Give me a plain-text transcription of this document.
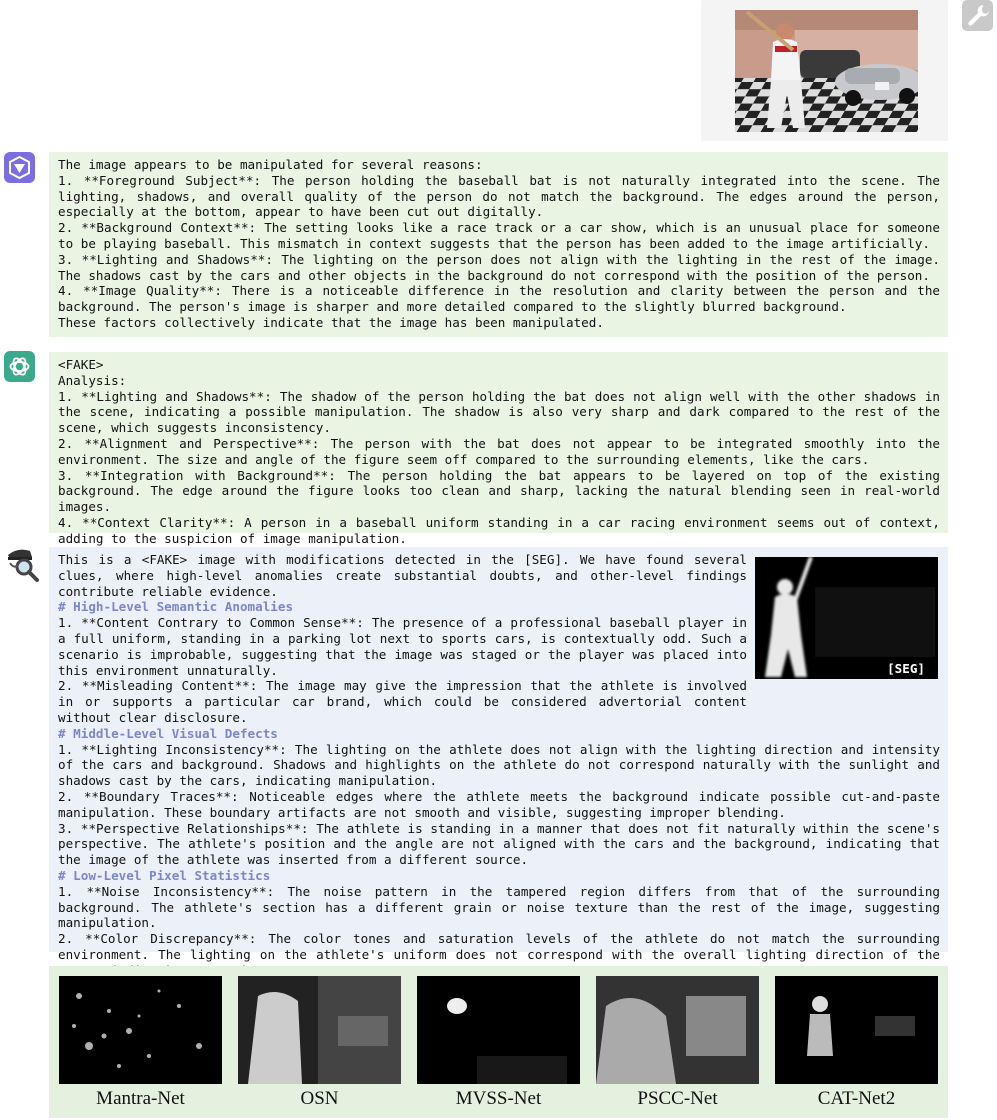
The image appears to be manipulated for several reasons:
1. **Foreground Subject**: The person holding the baseball bat is not naturally integrated into the scene. The lighting, shadows, and overall quality of the person do not match the background. The edges around the person, especially at the bottom, appear to have been cut out digitally.
2. **Background Context**: The setting looks like a race track or a car show, which is an unusual place for someone to be playing baseball. This mismatch in context suggests that the person has been added to the image artificially.
3. **Lighting and Shadows**: The lighting on the person does not align with the lighting in the rest of the image. The shadows cast by the cars and other objects in the background do not correspond with the position of the person.
4. **Image Quality**: There is a noticeable difference in the resolution and clarity between the person and the background. The person's image is sharper and more detailed compared to the slightly blurred background.
These factors collectively indicate that the image has been manipulated.
<FAKE>
Analysis:
1. **Lighting and Shadows**: The shadow of the person holding the bat does not align well with the other shadows in the scene, indicating a possible manipulation. The shadow is also very sharp and dark compared to the rest of the scene, which suggests inconsistency.
2. **Alignment and Perspective**: The person with the bat does not appear to be integrated smoothly into the environment. The size and angle of the figure seem off compared to the surrounding elements, like the cars.
3. **Integration with Background**: The person holding the bat appears to be layered on top of the existing background. The edge around the figure looks too clean and sharp, lacking the natural blending seen in real-world images.
4. **Context Clarity**: A person in a baseball uniform standing in a car racing environment seems out of context, adding to the suspicion of image manipulation.
[SEG]
This is a <FAKE> image with modifications detected in the [SEG]. We have found several clues, where high-level anomalies create substantial doubts, and other-level findings contribute reliable evidence.
# High-Level Semantic Anomalies
1. **Content Contrary to Common Sense**: The presence of a professional baseball player in a full uniform, standing in a parking lot next to sports cars, is contextually odd. Such a scenario is improbable, suggesting that the image was staged or the player was placed into this environment unnaturally.
2. **Misleading Content**: The image may give the impression that the athlete is involved in or supports a particular car brand, which could be considered advertorial content without clear disclosure.
# Middle-Level Visual Defects
1. **Lighting Inconsistency**: The lighting on the athlete does not align with the lighting direction and intensity of the cars and background. Shadows and highlights on the athlete do not correspond naturally with the sunlight and shadows cast by the cars, indicating manipulation.
2. **Boundary Traces**: Noticeable edges where the athlete meets the background indicate possible cut-and-paste manipulation. These boundary artifacts are not smooth and visible, suggesting improper blending.
3. **Perspective Relationships**: The athlete is standing in a manner that does not fit naturally within the scene's perspective. The athlete's position and the angle are not aligned with the cars and the background, indicating that the image of the athlete was inserted from a different source.
# Low-Level Pixel Statistics
1. **Noise Inconsistency**: The noise pattern in the tampered region differs from that of the surrounding background. The athlete's section has a different grain or noise texture than the rest of the image, suggesting manipulation.
2. **Color Discrepancy**: The color tones and saturation levels of the athlete do not match the surrounding environment. The lighting on the athlete's uniform does not correspond with the overall lighting direction of the
Mantra-Net	OSN	MVSS-Net	PSCC-Net	CAT-Net2
